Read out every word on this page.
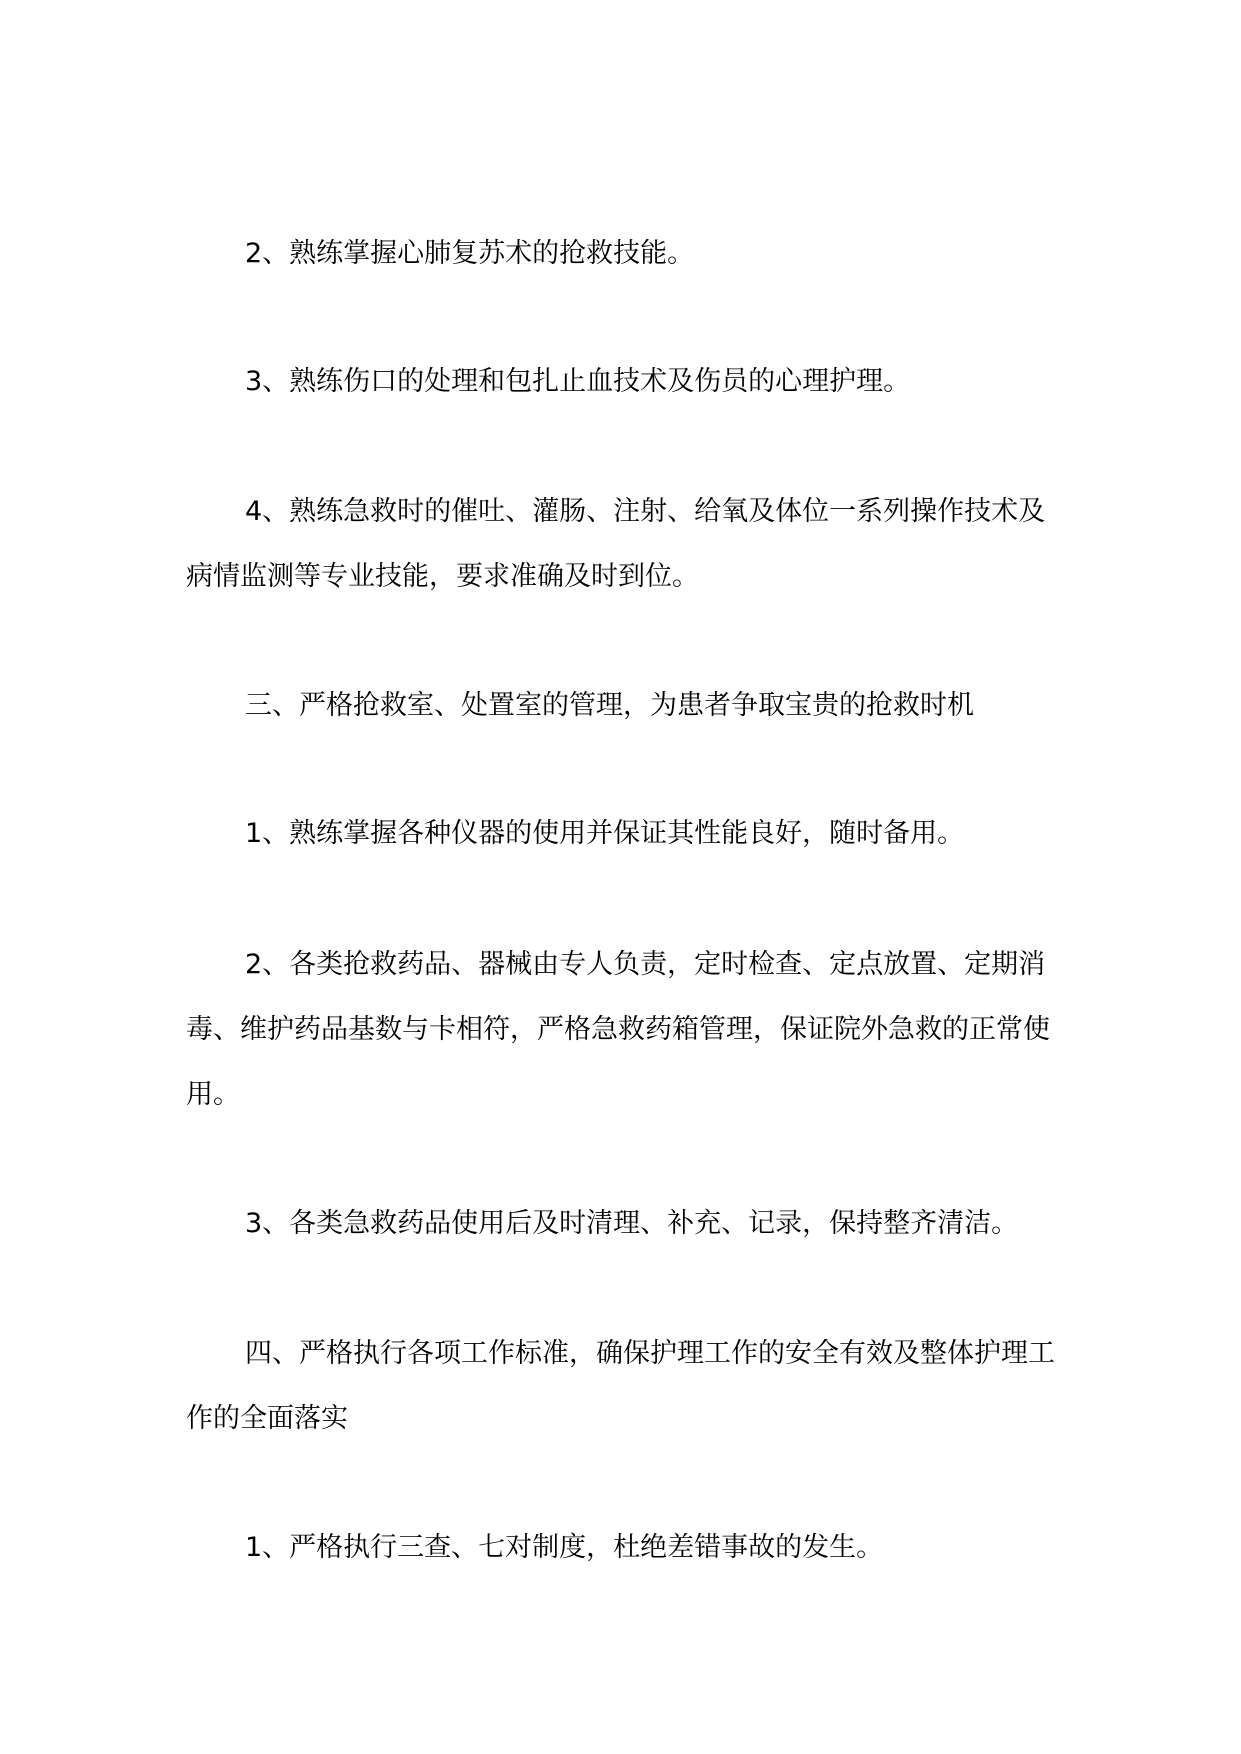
2、熟练掌握心肺复苏术的抢救技能。

3、熟练伤口的处理和包扎止血技术及伤员的心理护理。

4、熟练急救时的催吐、灌肠、注射、给氧及体位一系列操作技术及病情监测等专业技能，要求准确及时到位。

三、严格抢救室、处置室的管理，为患者争取宝贵的抢救时机

1、熟练掌握各种仪器的使用并保证其性能良好，随时备用。

2、各类抢救药品、器械由专人负责，定时检查、定点放置、定期消毒、维护药品基数与卡相符，严格急救药箱管理，保证院外急救的正常使用。

3、各类急救药品使用后及时清理、补充、记录，保持整齐清洁。

四、严格执行各项工作标准，确保护理工作的安全有效及整体护理工作的全面落实

1、严格执行三查、七对制度，杜绝差错事故的发生。
